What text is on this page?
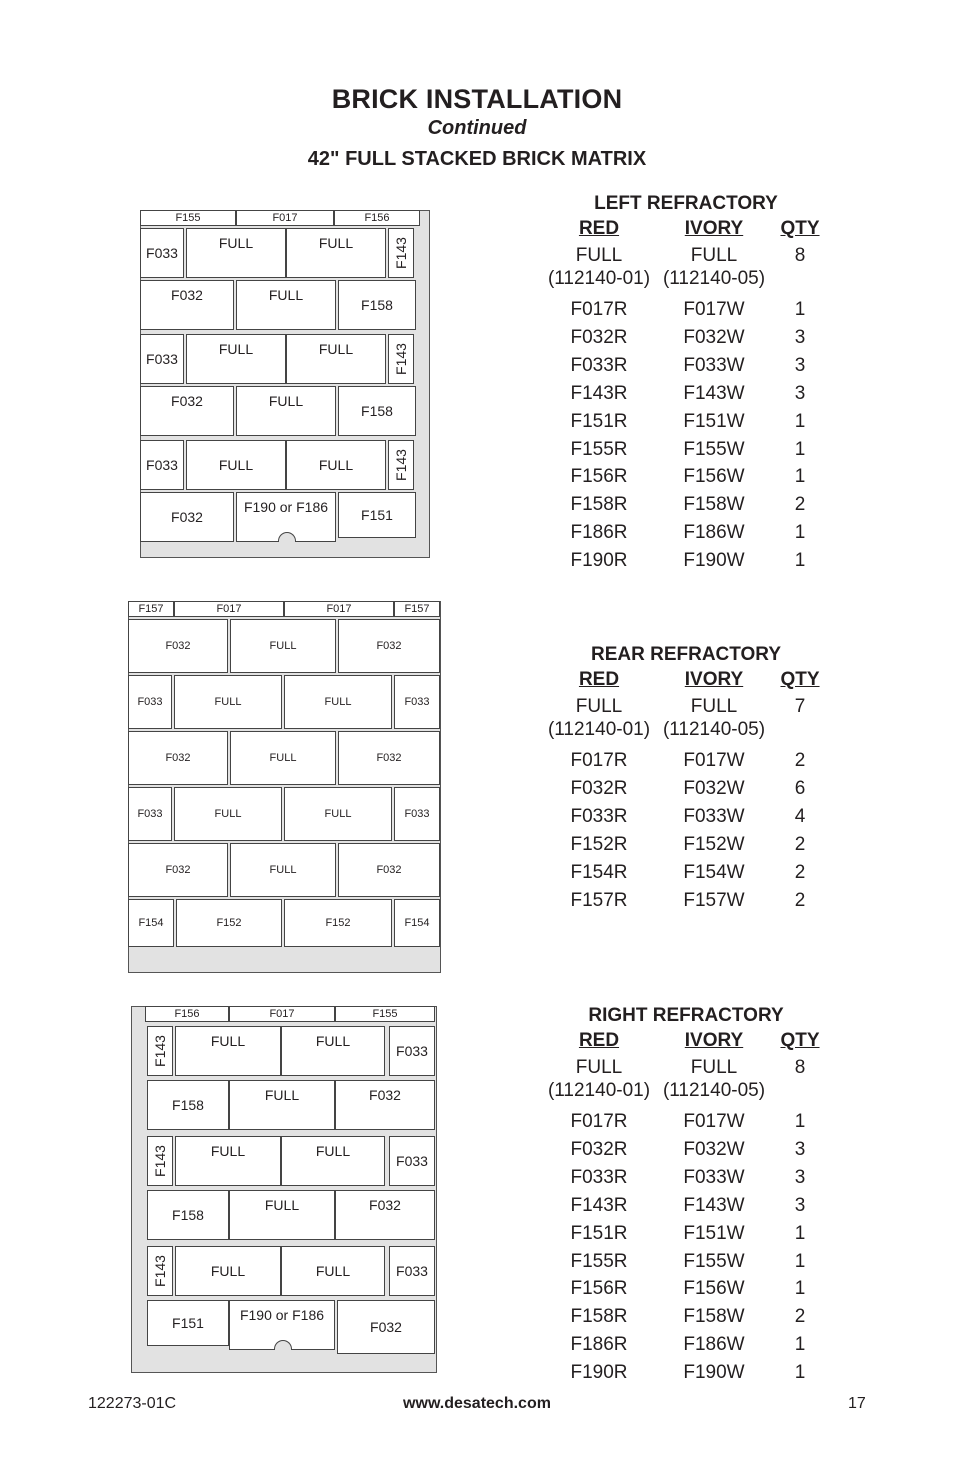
BRICK INSTALLATION
Continued
42" FULL STACKED BRICK MATRIX
F155	F017	F156
F033
FULL	FULL	F143
F032	FULL
F158
F033
FULL	FULL	F143
F032	FULL
F158
F033	FULL	FULL	F143
F032
F190 or F186 F151
F157	F017	F017	F157
F032	FULL	F032
F033	FULL	FULL	F033
F032	FULL	F032
F033	FULL	FULL	F033
F032	FULL	F032
F154	F152	F152	F154
F156	F017	F155
F143	FULL	FULL
F033
F158
FULL	F032
F143	FULL	FULL
F033
F158
FULL	F032
F143	FULL	FULL	F033
F151	F190 or F186
F032
LEFT REFRACTORY
RED	IVORY	QTY
FULL	FULL	8
(112140-01) (112140-05)
F017R	F017W	1
F032R	F032W	3
F033R	F033W	3
F143R	F143W	3
F151R	F151W	1
F155R	F155W	1
F156R	F156W	1
F158R	F158W	2
F186R	F186W	1
F190R	F190W	1
REAR REFRACTORY
RED	IVORY	QTY
FULL	FULL	7
(112140-01) (112140-05)
F017R	F017W	2
F032R	F032W	6
F033R	F033W	4
F152R	F152W	2
F154R	F154W	2
F157R	F157W	2
RIGHT REFRACTORY
RED	IVORY	QTY
FULL	FULL	8
(112140-01) (112140-05)
F017R	F017W	1
F032R	F032W	3
F033R	F033W	3
F143R	F143W	3
F151R	F151W	1
F155R	F155W	1
F156R	F156W	1
F158R	F158W	2
F186R	F186W	1
F190R	F190W	1
122273-01C	www.desatech.com	17
